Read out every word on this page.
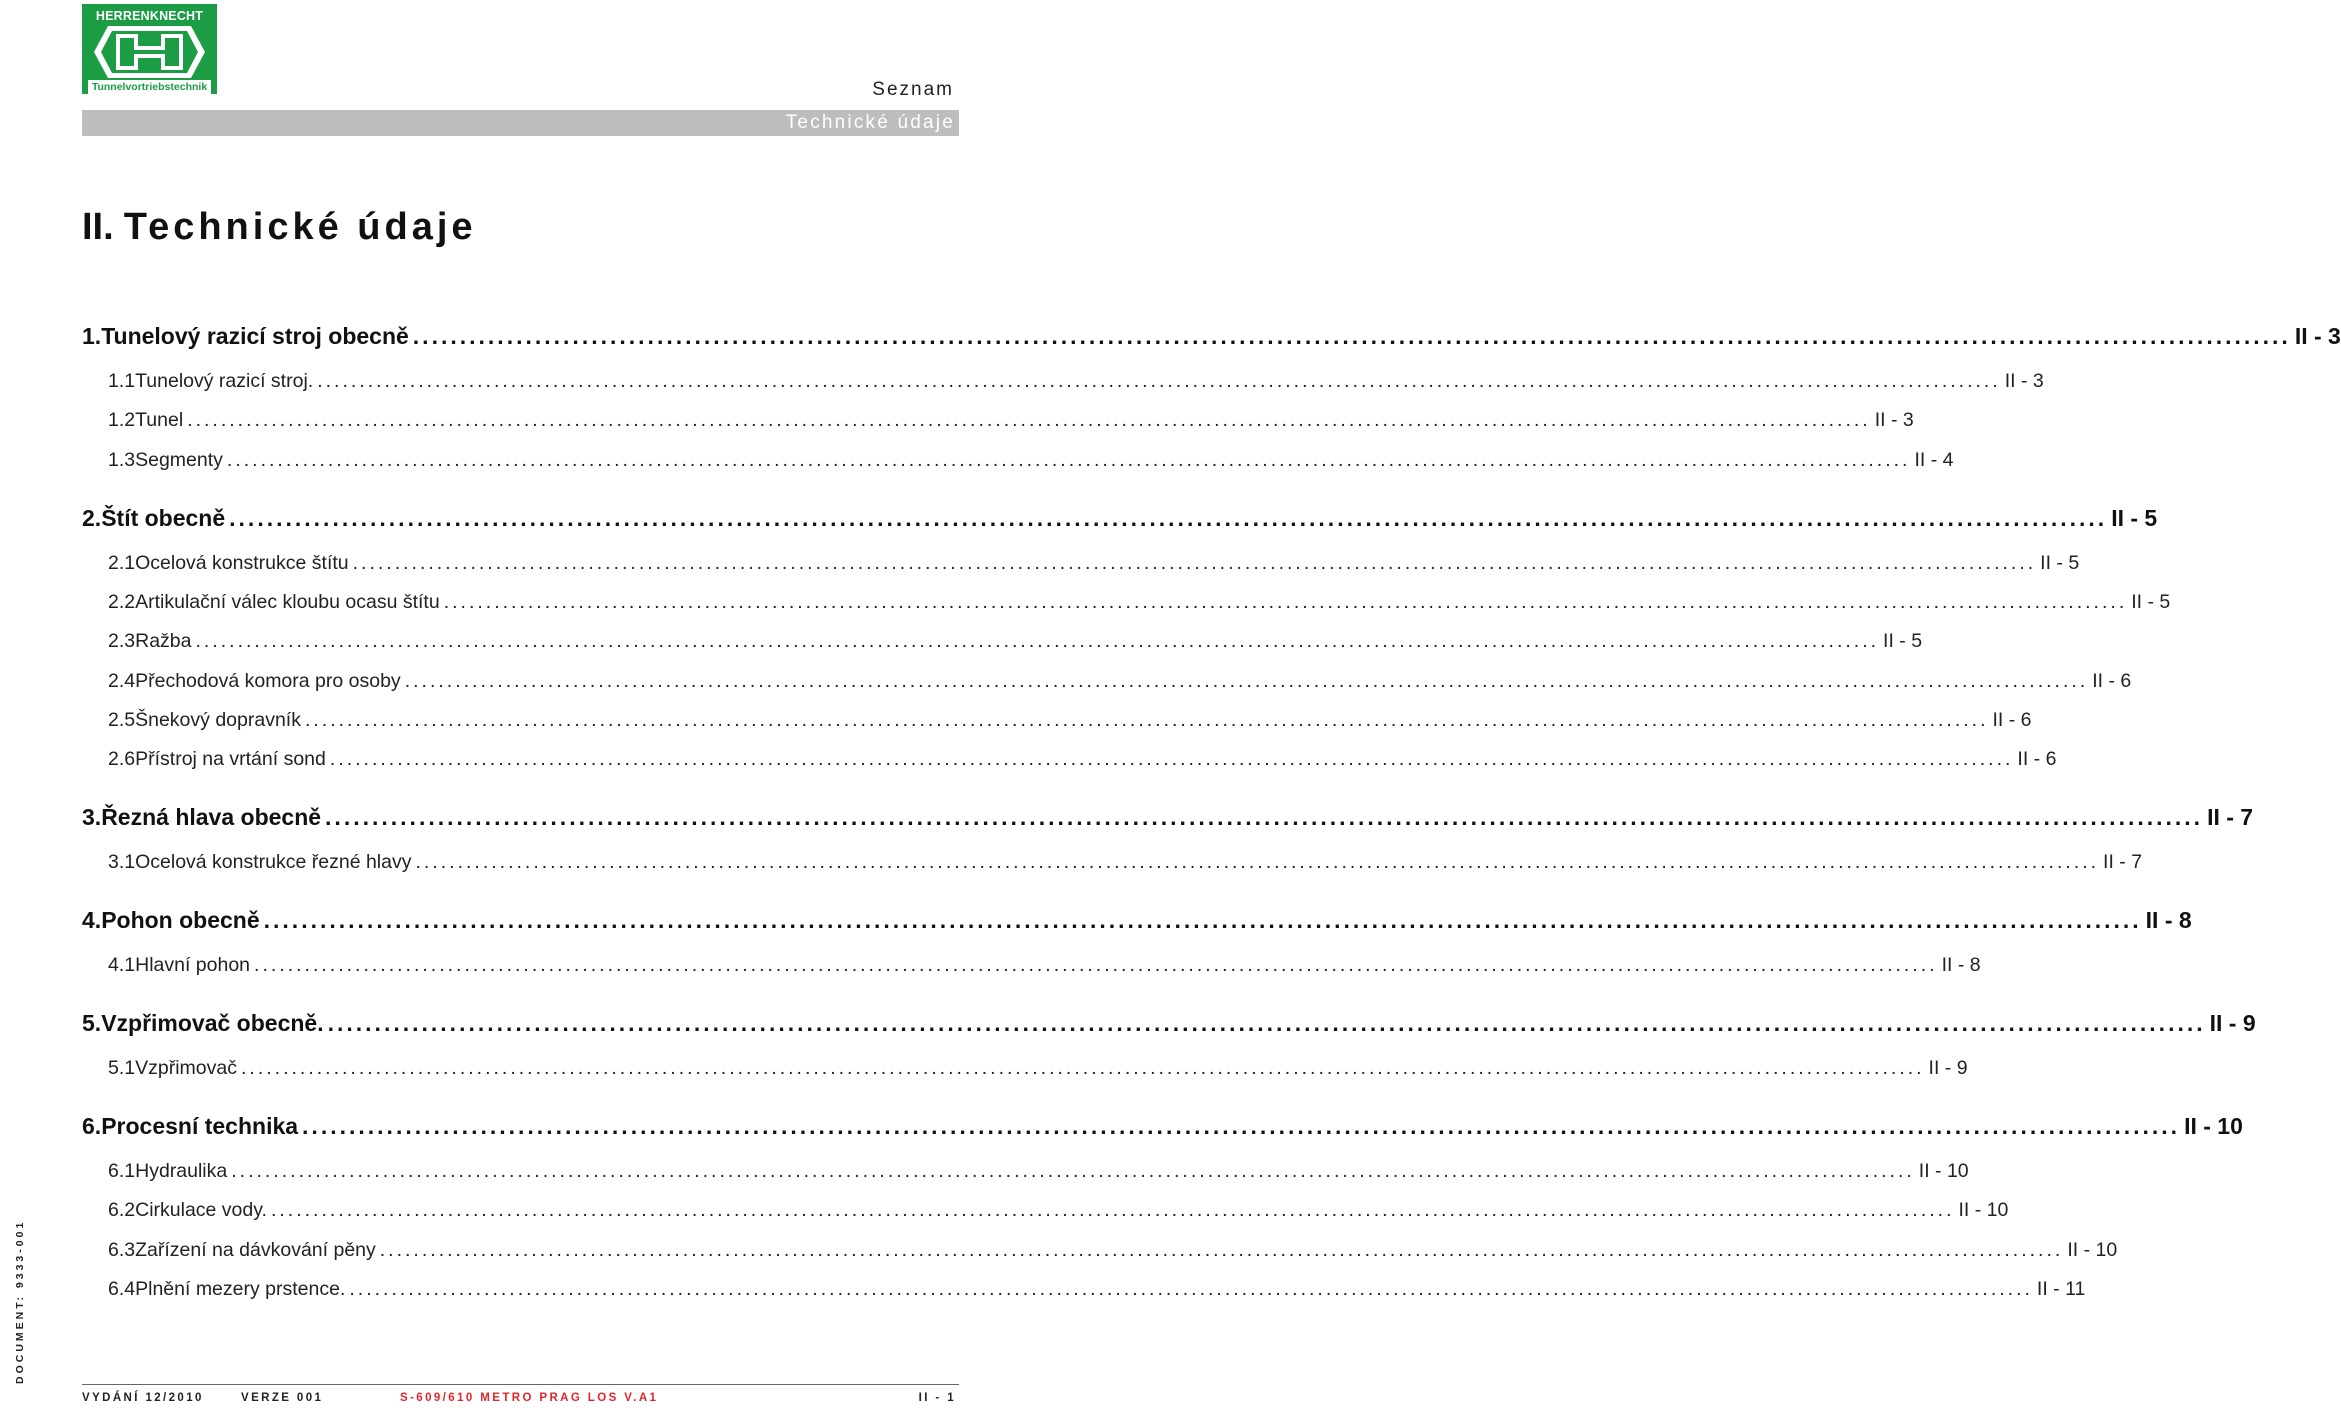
HERRENKNECHT
Tunnelvortriebstechnik	Seznam
Technické údaje
II. Technické údaje
1. Tunelový razicí stroj obecně ........................................................................................................................................................................................................ II - 3
1.1 Tunelový razicí stroj. ........................................................................................................................................................................................................ II - 3
1.2 Tunel ........................................................................................................................................................................................................ II - 3
1.3 Segmenty ........................................................................................................................................................................................................ II - 4
2. Štít obecně ........................................................................................................................................................................................................ II - 5
2.1 Ocelová konstrukce štítu ........................................................................................................................................................................................................ II - 5
2.2 Artikulační válec kloubu ocasu štítu ........................................................................................................................................................................................................ II - 5
2.3 Ražba ........................................................................................................................................................................................................ II - 5
2.4 Přechodová komora pro osoby ........................................................................................................................................................................................................ II - 6
2.5 Šnekový dopravník ........................................................................................................................................................................................................ II - 6
2.6 Přístroj na vrtání sond ........................................................................................................................................................................................................ II - 6
3. Řezná hlava obecně ........................................................................................................................................................................................................ II - 7
3.1 Ocelová konstrukce řezné hlavy ........................................................................................................................................................................................................ II - 7
4. Pohon obecně ........................................................................................................................................................................................................ II - 8
4.1 Hlavní pohon ........................................................................................................................................................................................................ II - 8
5. Vzpřimovač obecně. ........................................................................................................................................................................................................ II - 9
5.1 Vzpřimovač ........................................................................................................................................................................................................ II - 9
6. Procesní technika ........................................................................................................................................................................................................ II - 10
6.1 Hydraulika ........................................................................................................................................................................................................ II - 10
6.2 Cirkulace vody. ........................................................................................................................................................................................................ II - 10
6.3 Zařízení na dávkování pěny ........................................................................................................................................................................................................ II - 10
6.4 Plnění mezery prstence. ........................................................................................................................................................................................................ II - 11
DOCUMENT: 9333-001
VYDÁNÍ 12/2010	VERZE 001	S-609/610 METRO PRAG LOS V.A1	II - 1
